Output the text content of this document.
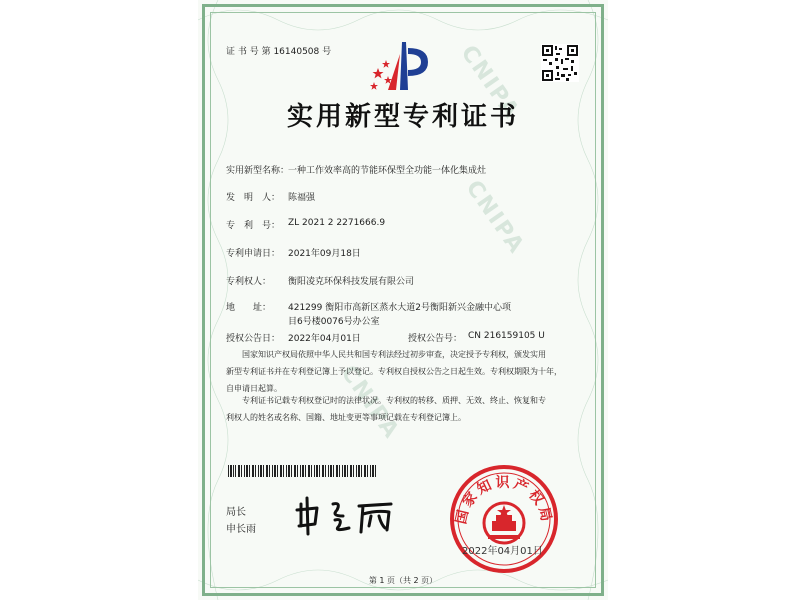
CNIPA
CNIPA
CNIPA
证 书 号 第 16140508 号
实用新型专利证书
实用新型名称：
一种工作效率高的节能环保型全功能一体化集成灶
发　明　人： 陈福强
专　利　号： ZL 2021 2 2271666.9
专利申请日： 2021年09月18日
专利权人： 衡阳凌克环保科技发展有限公司
地　　址： 421299 衡阳市高新区蒸水大道2号衡阳新兴金融中心项
目6号楼0076号办公室
授权公告日： 2022年04月01日	授权公告号： CN 216159105 U
国家知识产权局依照中华人民共和国专利法经过初步审查，决定授予专利权，颁发实用
新型专利证书并在专利登记簿上予以登记。专利权自授权公告之日起生效。专利权期限为十年，
自申请日起算。
专利证书记载专利权登记时的法律状况。专利权的转移、质押、无效、终止、恢复和专
利权人的姓名或名称、国籍、地址变更等事项记载在专利登记簿上。
局长
申长雨
国家知识产权局
2022年04月01日
第 1 页（共 2 页）
